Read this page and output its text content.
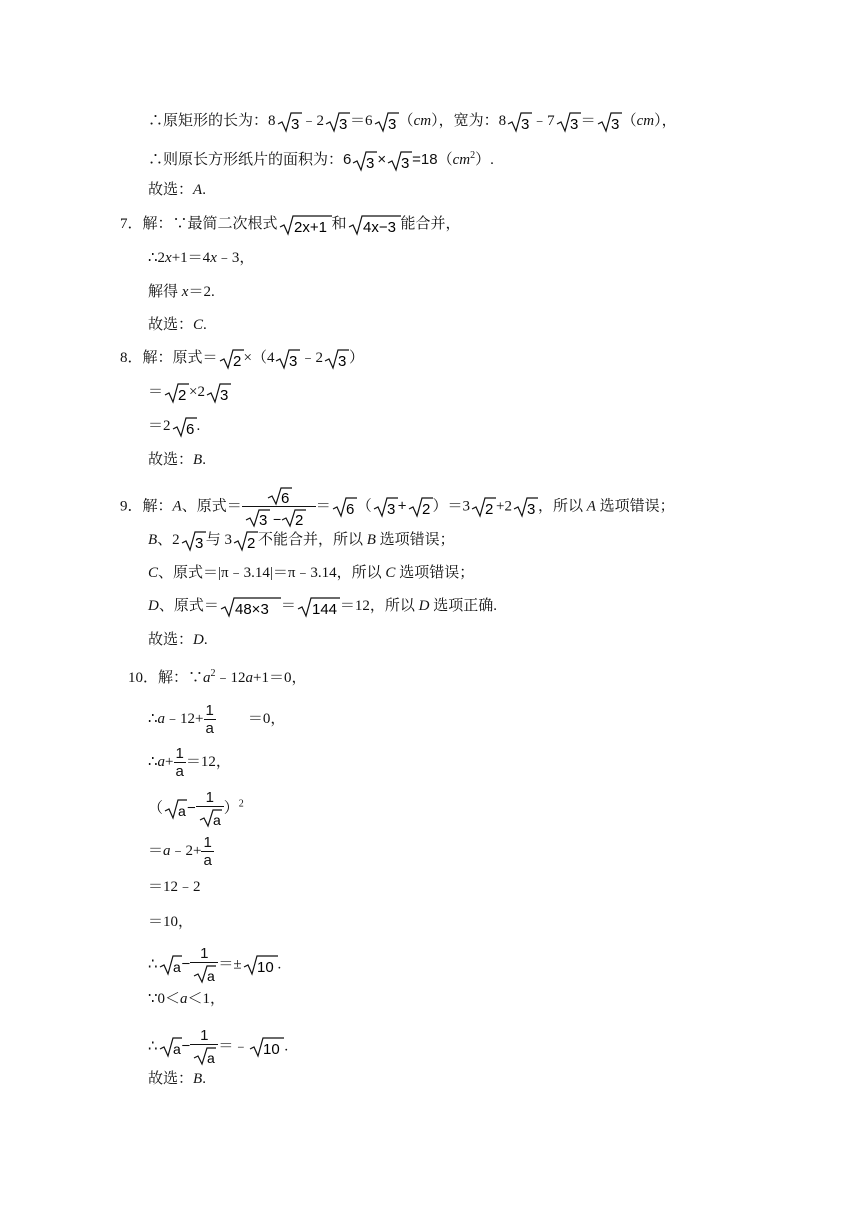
∴原矩形的长为：8 3 ﹣2 3 ＝6 3 （cm），宽为：8 3 ﹣7 3 ＝ 3 （cm），
∴则原长方形纸片的面积为：6 $3 \times 3 =18(cm^2)$.
故选：A.
7．解：∵最简二次根式 2x+1 和 4x−3 能合并，
∴2x+1＝4x﹣3，
解得 x＝2.
故选：C.
8．解：原式＝ 2 ×（4 3 ﹣2 3 ）
＝ 2 ×2 3
＝2 6 .
故选：B.
9．解：A、原式＝ $\frac{6}{3 - 2} = 6$ （ 3 + 2 ）＝3 2 +2 3 ，所以 A 选项错误；
B、2 3 与 3 2 不能合并，所以 B 选项错误；
C、原式＝|π﹣3.14|＝π﹣3.14，所以 C 选项错误；
D、原式＝ 48×3 ＝ 144 ＝12，所以 D 选项正确.
故选：D.
10．解：$\because a^2﹣12a+1=0$，
∴a﹣12+ $\frac{1}{a} =0$，
∴a+ $\frac{1}{a} =12$，
（ $a - \frac{1}{a} )^2$
＝a﹣2+ $\frac{1}{a}$
＝12﹣2
＝10，
∴ $a - \frac{1}{a} =\pm 10$ .
∵0＜a＜1，
∴ $a - \frac{1}{a}$ ＝﹣ 10 .
故选：B.
